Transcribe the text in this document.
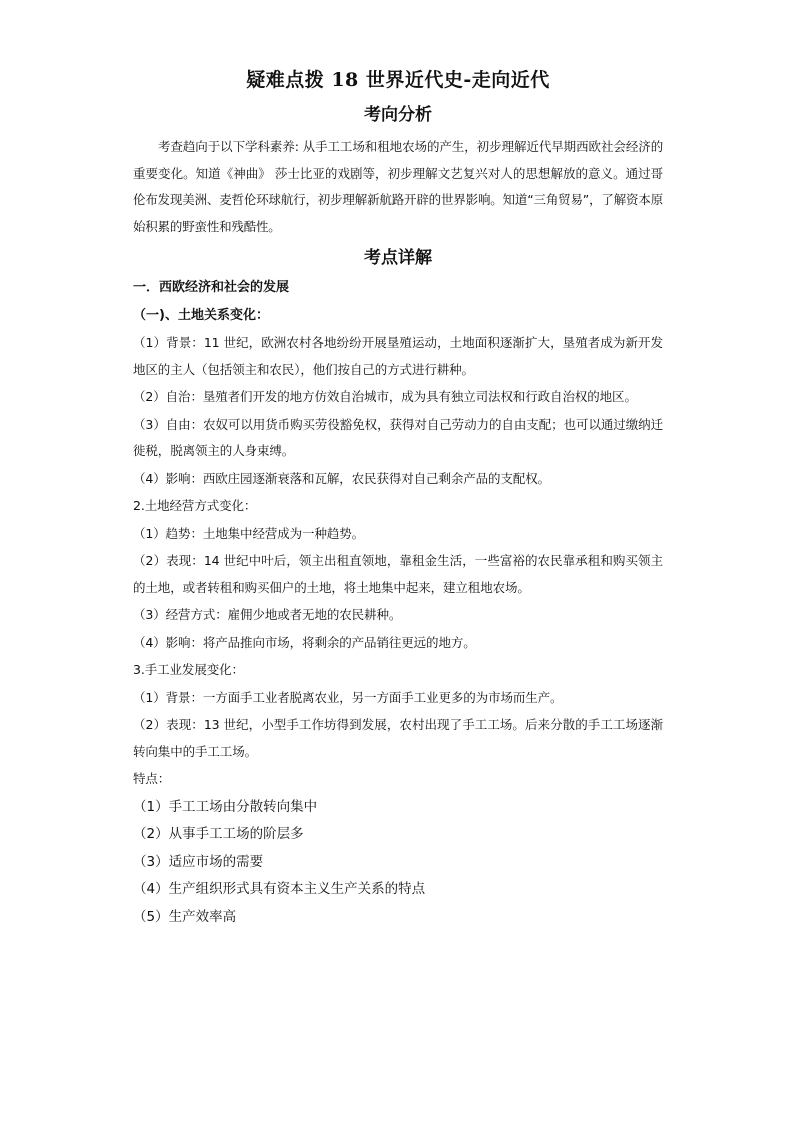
疑难点拨 18 世界近代史-走向近代
考向分析

考查趋向于以下学科素养: 从手工工场和租地农场的产生，初步理解近代早期西欧社会经济的重要变化。知道《神曲》 莎士比亚的戏剧等，初步理解文艺复兴对人的思想解放的意义。通过哥伦布发现美洲、麦哲伦环球航行，初步理解新航路开辟的世界影响。知道“三角贸易”，了解资本原始积累的野蛮性和残酷性。

考点详解
一．西欧经济和社会的发展
（一)、土地关系变化：
（1）背景：11 世纪，欧洲农村各地纷纷开展垦殖运动，土地面积逐渐扩大，垦殖者成为新开发地区的主人（包括领主和农民），他们按自己的方式进行耕种。
（2）自治：垦殖者们开发的地方仿效自治城市，成为具有独立司法权和行政自治权的地区。
（3）自由：农奴可以用货币购买劳役豁免权，获得对自己劳动力的自由支配；也可以通过缴纳迁徙税，脱离领主的人身束缚。
（4）影响：西欧庄园逐渐衰落和瓦解，农民获得对自己剩余产品的支配权。
2.土地经营方式变化：
（1）趋势：土地集中经营成为一种趋势。
（2）表现：14 世纪中叶后，领主出租直领地，靠租金生活，一些富裕的农民靠承租和购买领主的土地，或者转租和购买佃户的土地，将土地集中起来，建立租地农场。
（3）经营方式：雇佣少地或者无地的农民耕种。
（4）影响：将产品推向市场，将剩余的产品销往更远的地方。
3.手工业发展变化：
（1）背景：一方面手工业者脱离农业，另一方面手工业更多的为市场而生产。
（2）表现：13 世纪，小型手工作坊得到发展，农村出现了手工工场。后来分散的手工工场逐渐转向集中的手工工场。
特点：
（1）手工工场由分散转向集中
（2）从事手工工场的阶层多
（3）适应市场的需要
（4）生产组织形式具有资本主义生产关系的特点
（5）生产效率高
